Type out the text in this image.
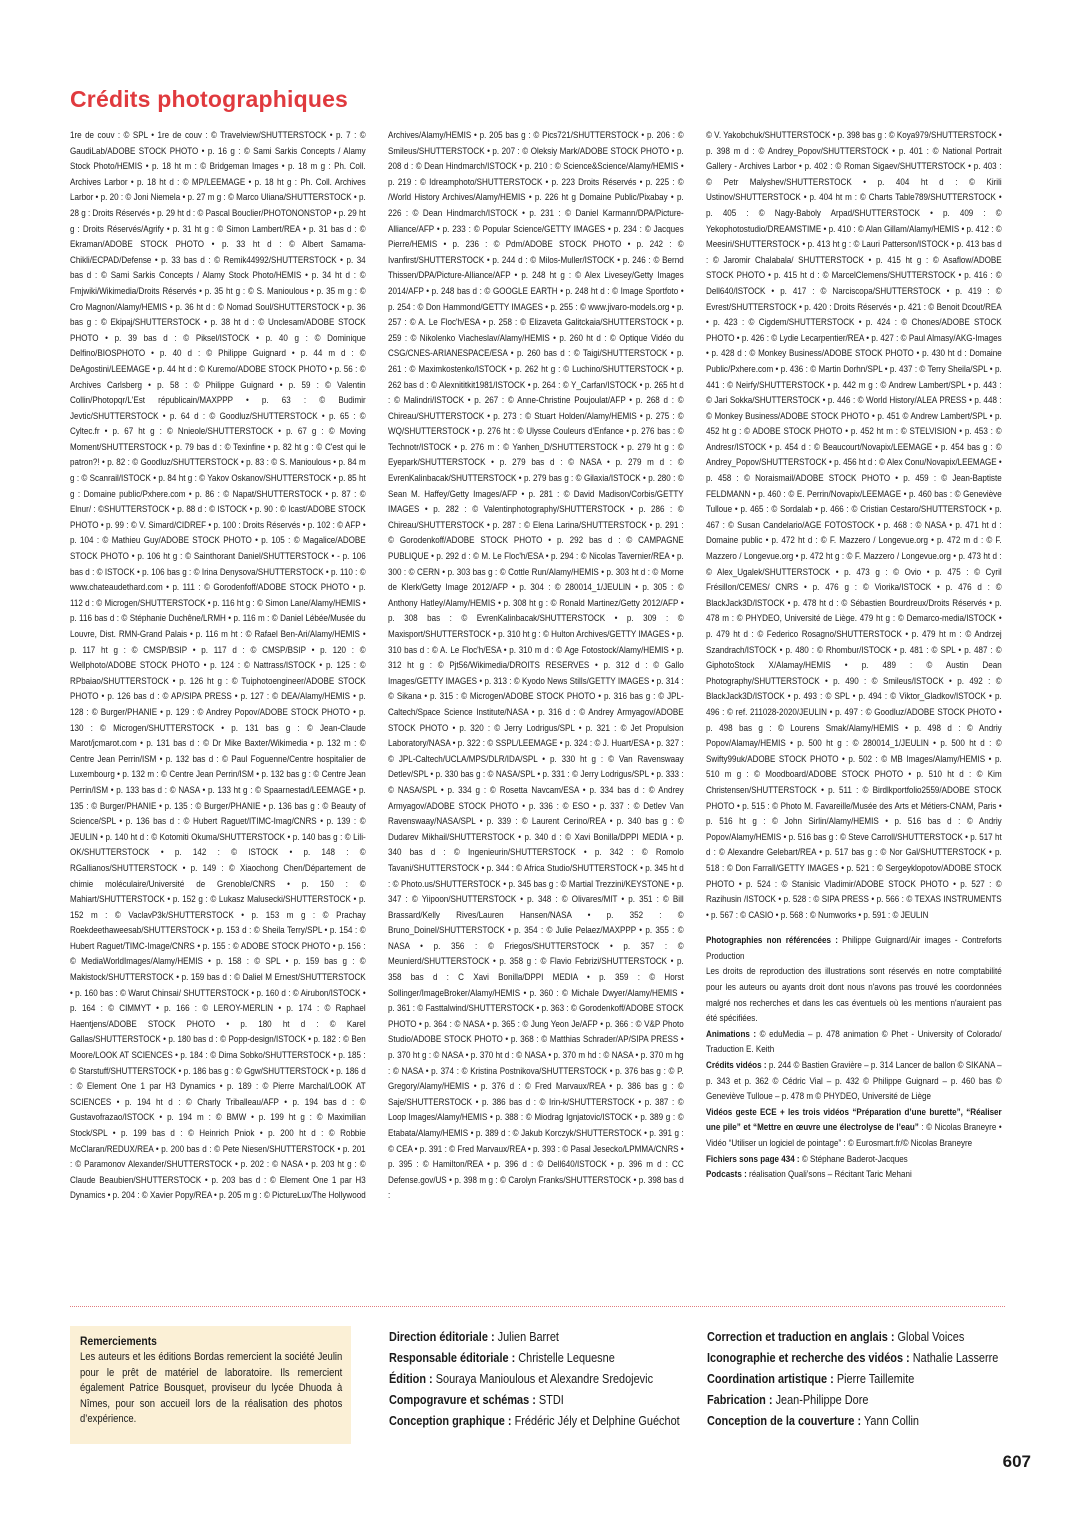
Crédits photographiques

1re de couv : © SPL • 1re de couv : © Travelview/SHUTTERSTOCK • p. 7 : © GaudiLab/ADOBE STOCK PHOTO • p. 16 g : © Sami Sarkis Concepts / Alamy Stock Photo/HEMIS • p. 18 ht m : © Bridgeman Images • p. 18 m g : Ph. Coll. Archives Larbor • p. 18 ht d : © MP/LEEMAGE • p. 18 ht g : Ph. Coll. Archives Larbor • p. 20 : © Joni Niemela • p. 27 m g : © Marco Uliana/SHUTTERSTOCK • p. 28 g : Droits Réservés • p. 29 ht d : © Pascal Bouclier/PHOTONONSTOP • p. 29 ht g : Droits Réservés/Agrify • p. 31 ht g : © Simon Lambert/REA • p. 31 bas d : © Ekraman/ADOBE STOCK PHOTO • p. 33 ht d : © Albert Samama-Chikli/ECPAD/Defense • p. 33 bas d : © Remik44992/SHUTTERSTOCK • p. 34 bas d : © Sami Sarkis Concepts / Alamy Stock Photo/HEMIS • p. 34 ht d : © Fmjwiki/Wikimedia/Droits Réservés • p. 35 ht g : © S. Manioulous • p. 35 m g : © Cro Magnon/Alamy/HEMIS • p. 36 ht d : © Nomad Soul/SHUTTERSTOCK • p. 36 bas g : © Ekipaj/SHUTTERSTOCK • p. 38 ht d : © Unclesam/ADOBE STOCK PHOTO • p. 39 bas d : © Piksel/ISTOCK • p. 40 g : © Dominique Delfino/BIOSPHOTO • p. 40 d : © Philippe Guignard • p. 44 m d : © DeAgostini/LEEMAGE • p. 44 ht d : © Kuremo/ADOBE STOCK PHOTO • p. 56 : © Archives Carlsberg • p. 58 : © Philippe Guignard • p. 59 : © Valentin Collin/Photopqr/L'Est républicain/MAXPPP • p. 63 : © Budimir Jevtic/SHUTTERSTOCK • p. 64 d : © Goodluz/SHUTTERSTOCK • p. 65 : © Cyltec.fr • p. 67 ht g : © Nnieole/SHUTTERSTOCK • p. 67 g : © Moving Moment/SHUTTERSTOCK • p. 79 bas d : © Texinfine • p. 82 ht g : © C'est qui le patron?! • p. 82 : © Goodluz/SHUTTERSTOCK • p. 83 : © S. Manioulous • p. 84 m g : © Scanrail/ISTOCK • p. 84 ht g : © Yakov Oskanov/SHUTTERSTOCK • p. 85 ht g : Domaine public/Pxhere.com • p. 86 : © Napat/SHUTTERSTOCK • p. 87 : © Elnur/ : ©SHUTTERSTOCK • p. 88 d : © ISTOCK • p. 90 : © Icast/ADOBE STOCK PHOTO • p. 99 : © V. Simard/CIDREF • p. 100 : Droits Réservés • p. 102 : © AFP • p. 104 : © Mathieu Guy/ADOBE STOCK PHOTO • p. 105 : © Magalice/ADOBE STOCK PHOTO • p. 106 ht g : © Sainthorant Daniel/SHUTTERSTOCK • - p. 106 bas d : © ISTOCK • p. 106 bas g : © Irina Denysova/SHUTTERSTOCK • p. 110 : © www.chateaudethard.com • p. 111 : © Gorodenfoff/ADOBE STOCK PHOTO • p. 112 d : © Microgen/SHUTTERSTOCK • p. 116 ht g : © Simon Lane/Alamy/HEMIS • p. 116 bas d : © Stéphanie Duchêne/LRMH • p. 116 m : © Daniel Lébée/Musée du Louvre, Dist. RMN-Grand Palais • p. 116 m ht : © Rafael Ben-Ari/Alamy/HEMIS • p. 117 ht g : © CMSP/BSIP • p. 117 d : © CMSP/BSIP • p. 120 : © Wellphoto/ADOBE STOCK PHOTO • p. 124 : © Nattrass/ISTOCK • p. 125 : © RPbaiao/SHUTTERSTOCK • p. 126 ht g : © Tuiphotoengineer/ADOBE STOCK PHOTO • p. 126 bas d : © AP/SIPA PRESS • p. 127 : © DEA/Alamy/HEMIS • p. 128 : © Burger/PHANIE • p. 129 : © Andrey Popov/ADOBE STOCK PHOTO • p. 130 : © Microgen/SHUTTERSTOCK • p. 131 bas g : © Jean-Claude Marot/jcmarot.com • p. 131 bas d : © Dr Mike Baxter/Wikimedia • p. 132 m : © Centre Jean Perrin/ISM • p. 132 bas d : © Paul Foguenne/Centre hospitalier de Luxembourg • p. 132 m : © Centre Jean Perrin/ISM • p. 132 bas g : © Centre Jean Perrin/ISM • p. 133 bas d : © NASA • p. 133 ht g : © Spaarnestad/LEEMAGE • p. 135 : © Burger/PHANIE • p. 135 : © Burger/PHANIE • p. 136 bas g : © Beauty of Science/SPL • p. 136 bas d : © Hubert Raguet/ITIMC-Imag/CNRS • p. 139 : © JEULIN • p. 140 ht d : © Kotomiti Okuma/SHUTTERSTOCK • p. 140 bas g : © Lili-OK/SHUTTERSTOCK • p. 142 : © ISTOCK • p. 148 : © RGallianos/SHUTTERSTOCK • p. 149 : © Xiaochong Chen/Département de chimie moléculaire/Université de Grenoble/CNRS • p. 150 : © Mahiart/SHUTTERSTOCK • p. 152 g : © Lukasz Malusecki/SHUTTERSTOCK • p. 152 m : © VaclavP3k/SHUTTERSTOCK • p. 153 m g : © Prachay Roekdeethaweesab/SHUTTERSTOCK • p. 153 d : © Sheila Terry/SPL • p. 154 : © Hubert Raguet/TIMC-Image/CNRS • p. 155 : © ADOBE STOCK PHOTO • p. 156 : © MediaWorldImages/Alamy/HEMIS • p. 158 : © SPL • p. 159 bas g : © Makistock/SHUTTERSTOCK • p. 159 bas d : © Daliel M Ernest/SHUTTERSTOCK • p. 160 bas : © Warut Chinsai/ SHUTTERSTOCK • p. 160 d : © Airubon/ISTOCK • p. 164 : © CIMMYT • p. 166 : © LEROY-MERLIN • p. 174 : © Raphael Haentjens/ADOBE STOCK PHOTO • p. 180 ht d : © Karel Gallas/SHUTTERSTOCK • p. 180 bas d : © Popp-design/ISTOCK • p. 182 : © Ben Moore/LOOK AT SCIENCES • p. 184 : © Dima Sobko/SHUTTERSTOCK • p. 185 : © Starstuff/SHUTTERSTOCK • p. 186 bas g : © Ggw/SHUTTERSTOCK • p. 186 d : © Element One 1 par H3 Dynamics • p. 189 : © Pierre Marchal/LOOK AT SCIENCES • p. 194 ht d : © Charly Triballeau/AFP • p. 194 bas d : © Gustavofrazao/ISTOCK • p. 194 m : © BMW • p. 199 ht g : © Maximilian Stock/SPL • p. 199 bas d : © Heinrich Pniok • p. 200 ht d : © Robbie McClaran/REDUX/REA • p. 200 bas d : © Pete Niesen/SHUTTERSTOCK • p. 201 : © Paramonov Alexander/SHUTTERSTOCK • p. 202 : © NASA • p. 203 ht g : © Claude Beaubien/SHUTTERSTOCK • p. 203 bas d : © Element One 1 par H3 Dynamics • p. 204 : © Xavier Popy/REA • p. 205 m g : © PictureLux/The Hollywood

Archives/Alamy/HEMIS • p. 205 bas g : © Pics721/SHUTTERSTOCK • p. 206 : © Smileus/SHUTTERSTOCK • p. 207 : © Oleksiy Mark/ADOBE STOCK PHOTO • p. 208 d : © Dean Hindmarch/ISTOCK • p. 210 : © Science&Science/Alamy/HEMIS • p. 219 : © Idreamphoto/SHUTTERSTOCK • p. 223 Droits Réservés • p. 225 : © /World History Archives/Alamy/HEMIS • p. 226 ht g Domaine Public/Pixabay • p. 226 : © Dean Hindmarch/ISTOCK • p. 231 : © Daniel Karmann/DPA/Picture-Alliance/AFP • p. 233 : © Popular Science/GETTY IMAGES • p. 234 : © Jacques Pierre/HEMIS • p. 236 : © Pdm/ADOBE STOCK PHOTO • p. 242 : © Ivanfirst/SHUTTERSTOCK • p. 244 d : © Milos-Muller/ISTOCK • p. 246 : © Bernd Thissen/DPA/Picture-Alliance/AFP • p. 248 ht g : © Alex Livesey/Getty Images 2014/AFP • p. 248 bas d : © GOOGLE EARTH • p. 248 ht d : © Image Sportfoto • p. 254 : © Don Hammond/GETTY IMAGES • p. 255 : © www.jivaro-models.org • p. 257 : © A. Le Floc'h/ESA • p. 258 : © Elizaveta Galitckaia/SHUTTERSTOCK • p. 259 : © Nikolenko Viacheslav/Alamy/HEMIS • p. 260 ht d : © Optique Vidéo du CSG/CNES-ARIANESPACE/ESA • p. 260 bas d : © Taigi/SHUTTERSTOCK • p. 261 : © Maximkostenko/ISTOCK • p. 262 ht g : © Luchino/SHUTTERSTOCK • p. 262 bas d : © Alexnititkit1981/ISTOCK • p. 264 : © Y_Carfan/ISTOCK • p. 265 ht d : © Malindri/ISTOCK • p. 267 : © Anne-Christine Poujoulat/AFP • p. 268 d : © Chireau/SHUTTERSTOCK • p. 273 : © Stuart Holden/Alamy/HEMIS • p. 275 : © WQ/SHUTTERSTOCK • p. 276 ht : © Ulysse Couleurs d'Enfance • p. 276 bas : © Technotr/ISTOCK • p. 276 m : © Yanhen_D/SHUTTERSTOCK • p. 279 ht g : © Eyepark/SHUTTERSTOCK • p. 279 bas d : © NASA • p. 279 m d : © EvrenKalinbacak/SHUTTERSTOCK • p. 279 bas g : © Gilaxia/ISTOCK • p. 280 : © Sean M. Haffey/Getty Images/AFP • p. 281 : © David Madison/Corbis/GETTY IMAGES • p. 282 : © Valentinphotography/SHUTTERSTOCK • p. 286 : © Chireau/SHUTTERSTOCK • p. 287 : © Elena Larina/SHUTTERSTOCK • p. 291 : © Gorodenkoff/ADOBE STOCK PHOTO • p. 292 bas d : © CAMPAGNE PUBLIQUE • p. 292 d : © M. Le Floc'h/ESA • p. 294 : © Nicolas Tavernier/REA • p. 300 : © CERN • p. 303 bas g : © Cottle Run/Alamy/HEMIS • p. 303 ht d : © Morne de Klerk/Getty Image 2012/AFP • p. 304 : © 280014_1/JEULIN • p. 305 : © Anthony Hatley/Alamy/HEMIS • p. 308 ht g : © Ronald Martinez/Getty 2012/AFP • p. 308 bas : © EvrenKalinbacak/SHUTTERSTOCK • p. 309 : © Maxisport/SHUTTERSTOCK • p. 310 ht g : © Hulton Archives/GETTY IMAGES • p. 310 bas d : © A. Le Floc'h/ESA • p. 310 m d : © Age Fotostock/Alamy/HEMIS • p. 312 ht g : © Pjt56/Wikimedia/DROITS RESERVES • p. 312 d : © Gallo Images/GETTY IMAGES • p. 313 : © Kyodo News Stills/GETTY IMAGES • p. 314 : © Sikana • p. 315 : © Microgen/ADOBE STOCK PHOTO • p. 316 bas g : © JPL-Caltech/Space Science Institute/NASA • p. 316 d : © Andrey Armyagov/ADOBE STOCK PHOTO • p. 320 : © Jerry Lodrigus/SPL • p. 321 : © Jet Propulsion Laboratory/NASA • p. 322 : © SSPL/LEEMAGE • p. 324 : © J. Huart/ESA • p. 327 : © JPL-Caltech/UCLA/MPS/DLR/IDA/SPL • p. 330 ht g : © Van Ravenswaay Detlev/SPL • p. 330 bas g : © NASA/SPL • p. 331 : © Jerry Lodrigus/SPL • p. 333 : © NASA/SPL • p. 334 g : © Rosetta Navcam/ESA • p. 334 bas d : © Andrey Armyagov/ADOBE STOCK PHOTO • p. 336 : © ESO • p. 337 : © Detlev Van Ravenswaay/NASA/SPL • p. 339 : © Laurent Cerino/REA • p. 340 bas g : © Dudarev Mikhail/SHUTTERSTOCK • p. 340 d : © Xavi Bonilla/DPPI MEDIA • p. 340 bas d : © Ingenieurin/SHUTTERSTOCK • p. 342 : © Romolo Tavani/SHUTTERSTOCK • p. 344 : © Africa Studio/SHUTTERSTOCK • p. 345 ht d : © Photo.us/SHUTTERSTOCK • p. 345 bas g : © Martial Trezzini/KEYSTONE • p. 347 : © Yiipoon/SHUTTERSTOCK • p. 348 : © Olivares/MIT • p. 351 : © Bill Brassard/Kelly Rives/Lauren Hansen/NASA • p. 352 : © Bruno_Doinel/SHUTTERSTOCK • p. 354 : © Julie Pelaez/MAXPPP • p. 355 : © NASA • p. 356 : © Friegos/SHUTTERSTOCK • p. 357 : © Meunierd/SHUTTERSTOCK • p. 358 g : © Flavio Febrizi/SHUTTERSTOCK • p. 358 bas d : C Xavi Bonilla/DPPI MEDIA • p. 359 : © Horst Sollinger/ImageBroker/Alamy/HEMIS • p. 360 : © Michale Dwyer/Alamy/HEMIS • p. 361 : © Fasttalwind/SHUTTERSTOCK • p. 363 : © Gorodenkoff/ADOBE STOCK PHOTO • p. 364 : © NASA • p. 365 : © Jung Yeon Je/AFP • p. 366 : © V&P Photo Studio/ADOBE STOCK PHOTO • p. 368 : © Matthias Schrader/AP/SIPA PRESS • p. 370 ht g : © NASA • p. 370 ht d : © NASA • p. 370 m hd : © NASA • p. 370 m hg : © NASA • p. 374 : © Kristina Postnikova/SHUTTERSTOCK • p. 376 bas g : © P. Gregory/Alamy/HEMIS • p. 376 d : © Fred Marvaux/REA • p. 386 bas g : © Saje/SHUTTERSTOCK • p. 386 bas d : © Irin-k/SHUTTERSTOCK • p. 387 : © Loop Images/Alamy/HEMIS • p. 388 : © Miodrag Ignjatovic/ISTOCK • p. 389 g : © Etabata/Alamy/HEMIS • p. 389 d : © Jakub Korczyk/SHUTTERSTOCK • p. 391 g : © CEA • p. 391 : © Fred Marvaux/REA • p. 393 : © Pasal Jesecko/LPMMA/CNRS • p. 395 : © Hamilton/REA • p. 396 d : © Dell640/ISTOCK • p. 396 m d : CC Defense.gov/US • p. 398 m g : © Carolyn Franks/SHUTTERSTOCK • p. 398 bas d :

© V. Yakobchuk/SHUTTERSTOCK • p. 398 bas g : © Koya979/SHUTTERSTOCK • p. 398 m d : © Andrey_Popov/SHUTTERSTOCK • p. 401 : © National Portrait Gallery - Archives Larbor • p. 402 : © Roman Sigaev/SHUTTERSTOCK • p. 403 : © Petr Malyshev/SHUTTERSTOCK • p. 404 ht d : © Kirili Ustinov/SHUTTERSTOCK • p. 404 ht m : © Charts Table789/SHUTTERSTOCK • p. 405 : © Nagy-Baboly Arpad/SHUTTERSTOCK • p. 409 : © Yekophotostudio/DREAMSTIME • p. 410 : © Alan Gillam/Alamy/HEMIS • p. 412 : © Meesiri/SHUTTERSTOCK • p. 413 ht g : © Lauri Patterson/ISTOCK • p. 413 bas d : © Jaromir Chalabala/ SHUTTERSTOCK • p. 415 ht g : © Asaflow/ADOBE STOCK PHOTO • p. 415 ht d : © MarcelClemens/SHUTTERSTOCK • p. 416 : © Dell640/ISTOCK • p. 417 : © Narciscopa/SHUTTERSTOCK • p. 419 : © Evrest/SHUTTERSTOCK • p. 420 : Droits Réservés • p. 421 : © Benoit Dcout/REA • p. 423 : © Cigdem/SHUTTERSTOCK • p. 424 : © Chones/ADOBE STOCK PHOTO • p. 426 : © Lydie Lecarpentier/REA • p. 427 : © Paul Almasy/AKG-Images • p. 428 d : © Monkey Business/ADOBE STOCK PHOTO • p. 430 ht d : Domaine Public/Pxhere.com • p. 436 : © Martin Dorhn/SPL • p. 437 : © Terry Sheila/SPL • p. 441 : © Neirfy/SHUTTERSTOCK • p. 442 m g : © Andrew Lambert/SPL • p. 443 : © Jari Sokka/SHUTTERSTOCK • p. 446 : © World History/ALEA PRESS • p. 448 : © Monkey Business/ADOBE STOCK PHOTO • p. 451 © Andrew Lambert/SPL • p. 452 ht g : © ADOBE STOCK PHOTO • p. 452 ht m : © STELVISION • p. 453 : © Andresr/ISTOCK • p. 454 d : © Beaucourt/Novapix/LEEMAGE • p. 454 bas g : © Andrey_Popov/SHUTTERSTOCK • p. 456 ht d : © Alex Conu/Novapix/LEEMAGE • p. 458 : © Noraismail/ADOBE STOCK PHOTO • p. 459 : © Jean-Baptiste FELDMANN • p. 460 : © E. Perrin/Novapix/LEEMAGE • p. 460 bas : © Geneviève Tulloue • p. 465 : © Sordalab • p. 466 : © Cristian Cestaro/SHUTTERSTOCK • p. 467 : © Susan Candelario/AGE FOTOSTOCK • p. 468 : © NASA • p. 471 ht d : Domaine public • p. 472 ht d : © F. Mazzero / Longevue.org • p. 472 m d : © F. Mazzero / Longevue.org • p. 472 ht g : © F. Mazzero / Longevue.org • p. 473 ht d : © Alex_Ugalek/SHUTTERSTOCK • p. 473 g : © Ovio • p. 475 : © Cyril Frésillon/CEMES/ CNRS • p. 476 g : © Viorika/ISTOCK • p. 476 d : © BlackJack3D/ISTOCK • p. 478 ht d : © Sébastien Bourdreux/Droits Réservés • p. 478 m : © PHYDEO, Université de Liège. 479 ht g : © Demarco-media/ISTOCK • p. 479 ht d : © Federico Rosagno/SHUTTERSTOCK • p. 479 ht m : © Andrzej Szandrach/ISTOCK • p. 480 : © Rhombur/ISTOCK • p. 481 : © SPL • p. 487 : © GiphotoStock X/Alamay/HEMIS • p. 489 : © Austin Dean Photography/SHUTTERSTOCK • p. 490 : © Smileus/ISTOCK • p. 492 : © BlackJack3D/ISTOCK • p. 493 : © SPL • p. 494 : © Viktor_Gladkov/ISTOCK • p. 496 : © ref. 211028-2020/JEULIN • p. 497 : © Goodluz/ADOBE STOCK PHOTO • p. 498 bas g : © Lourens Smak/Alamy/HEMIS • p. 498 d : © Andriy Popov/Alamay/HEMIS • p. 500 ht g : © 280014_1/JEULIN • p. 500 ht d : © Swifty99uk/ADOBE STOCK PHOTO • p. 502 : © MB Images/Alamy/HEMIS • p. 510 m g : © Moodboard/ADOBE STOCK PHOTO • p. 510 ht d : © Kim Christensen/SHUTTERSTOCK • p. 511 : © Birdlkportfolio2559/ADOBE STOCK PHOTO • p. 515 : © Photo M. Favareille/Musée des Arts et Métiers-CNAM, Paris • p. 516 ht g : © John Sirlin/Alamy/HEMIS • p. 516 bas d : © Andriy Popov/Alamy/HEMIS • p. 516 bas g : © Steve Carroll/SHUTTERSTOCK • p. 517 ht d : © Alexandre Gelebart/REA • p. 517 bas g : © Nor Gal/SHUTTERSTOCK • p. 518 : © Don Farrall/GETTY IMAGES • p. 521 : © Sergeyklopotov/ADOBE STOCK PHOTO • p. 524 : © Stanisic Vladimir/ADOBE STOCK PHOTO • p. 527 : © Razihusin /ISTOCK • p. 528 : © SIPA PRESS • p. 566 : © TEXAS INSTRUMENTS • p. 567 : © CASIO • p. 568 : © Numworks • p. 591 : © JEULIN

Photographies non référencées : Philippe Guignard/Air images - Contreforts Production

Les droits de reproduction des illustrations sont réservés en notre comptabilité pour les auteurs ou ayants droit dont nous n'avons pas trouvé les coordonnées malgré nos recherches et dans les cas éventuels où les mentions n'auraient pas été spécifiées.

Animations : © eduMedia – p. 478 animation © Phet - University of Colorado/ Traduction E. Keith

Crédits vidéos : p. 244 © Bastien Gravière – p. 314 Lancer de ballon © SIKANA – p. 343 et p. 362 © Cédric Vial – p. 432 © Philippe Guignard – p. 460 bas © Geneviève Tulloue – p. 478 m © PHYDEO, Université de Liège

Vidéos geste ECE + les trois vidéos “Préparation d’une burette”, “Réaliser une pile” et “Mettre en œuvre une électrolyse de l’eau” : © Nicolas Braneyre • Vidéo “Utiliser un logiciel de pointage” : © Eurosmart.fr/© Nicolas Braneyre

Fichiers sons page 434 : © Stéphane Baderot-Jacques

Podcasts : réalisation Quali’sons – Récitant Taric Mehani

Remerciements

Les auteurs et les éditions Bordas remercient la société Jeulin pour le prêt de matériel de laboratoire. Ils remercient également Patrice Bousquet, proviseur du lycée Dhuoda à Nîmes, pour son accueil lors de la réalisation des photos d’expérience.

Direction éditoriale : Julien Barret
Responsable éditoriale : Christelle Lequesne
Édition : Souraya Manioulous et Alexandre Sredojevic
Compogravure et schémas : STDI
Conception graphique : Frédéric Jély et Delphine Guéchot
Correction et traduction en anglais : Global Voices
Iconographie et recherche des vidéos : Nathalie Lasserre
Coordination artistique : Pierre Taillemite
Fabrication : Jean-Philippe Dore
Conception de la couverture : Yann Collin
607
